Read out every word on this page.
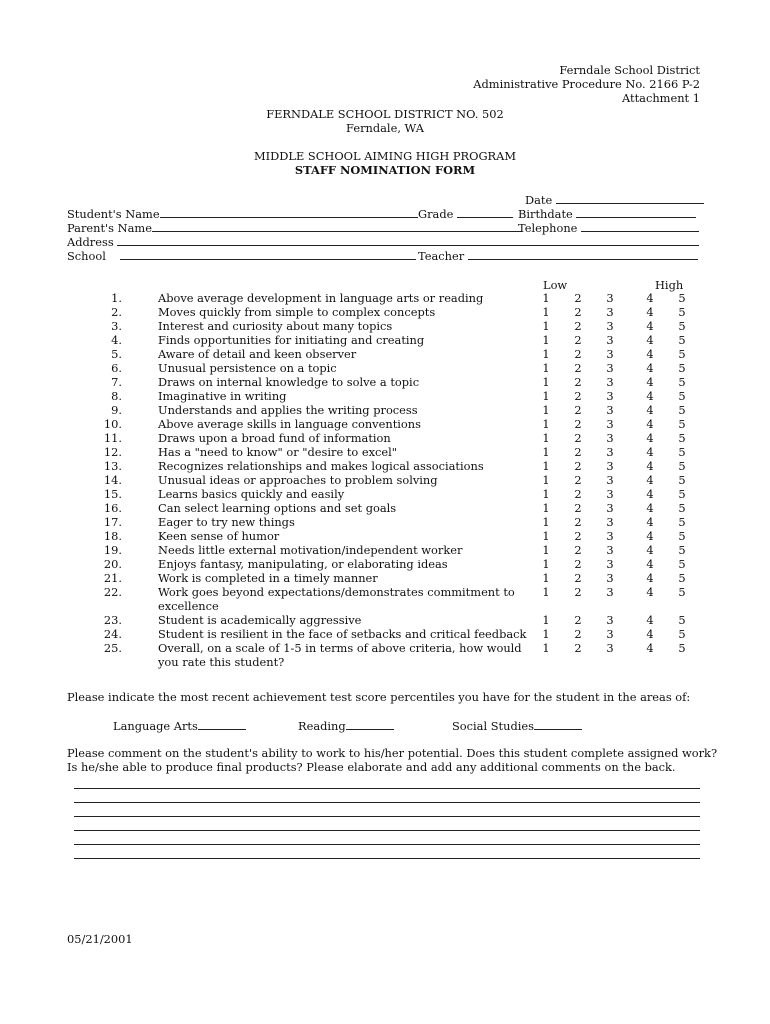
Ferndale School District
Administrative Procedure No. 2166 P-2
Attachment 1
FERNDALE SCHOOL DISTRICT NO. 502
Ferndale, WA
MIDDLE SCHOOL AIMING HIGH PROGRAM
STAFF NOMINATION FORM
Date
Student's Name	Grade	Birthdate
Parent's Name	Telephone
Address
School	Teacher
Low	High
1.	Above average development in language arts or reading	1 2 3	4 5
2.	Moves quickly from simple to complex concepts	1 2 3	4 5
3.	Interest and curiosity about many topics	1 2 3	4 5
4.	Finds opportunities for initiating and creating	1 2 3	4 5
5.	Aware of detail and keen observer	1 2 3	4 5
6.	Unusual persistence on a topic	1 2 3	4 5
7.	Draws on internal knowledge to solve a topic	1 2 3	4 5
8.	Imaginative in writing	1 2 3	4 5
9.	Understands and applies the writing process	1 2 3	4 5
10.	Above average skills in language conventions	1 2 3	4 5
11.	Draws upon a broad fund of information	1 2 3	4 5
12.	Has a "need to know" or "desire to excel"	1 2 3	4 5
13.	Recognizes relationships and makes logical associations	1 2 3	4 5
14.	Unusual ideas or approaches to problem solving	1 2 3	4 5
15.	Learns basics quickly and easily	1 2 3	4 5
16.	Can select learning options and set goals	1 2 3	4 5
17.	Eager to try new things	1 2 3	4 5
18.	Keen sense of humor	1 2 3	4 5
19.	Needs little external motivation/independent worker	1 2 3	4 5
20.	Enjoys fantasy, manipulating, or elaborating ideas	1 2 3	4 5
21.	Work is completed in a timely manner	1 2 3	4 5
22.	Work goes beyond expectations/demonstrates commitment to excellence
1 2 3	4 5
23.	Student is academically aggressive	1 2 3	4 5
24.	Student is resilient in the face of setbacks and critical feedback 1 2 3	4 5
25.	Overall, on a scale of 1-5 in terms of above criteria, how would you rate this student?
1 2 3	4 5
Please indicate the most recent achievement test score percentiles you have for the student in the areas of:
Language Arts	Reading	Social Studies
Please comment on the student's ability to work to his/her potential. Does this student complete assigned work?
Is he/she able to produce final products? Please elaborate and add any additional comments on the back.
05/21/2001
